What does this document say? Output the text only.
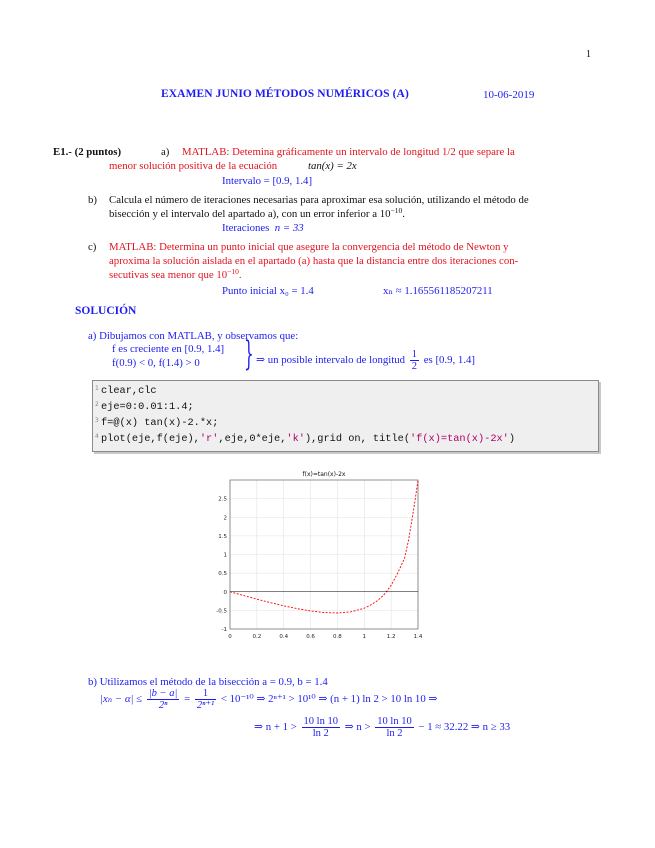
1
EXAMEN JUNIO MÉTODOS NUMÉRICOS (A)	10-06-2019
E1.- (2 puntos)	a) MATLAB: Detemina gráficamente un intervalo de longitud 1/2 que separe la
menor solución positiva de la ecuación	tan(x) = 2x
Intervalo = [0.9, 1.4]
b) Calcula el número de iteraciones necesarias para aproximar esa solución, utilizando el método de
bisección y el intervalo del apartado a), con un error inferior a $10^{-10}$.
Iteraciones n = 33
c) MATLAB: Determina un punto inicial que asegure la convergencia del método de Newton y
aproxima la solución aislada en el apartado (a) hasta que la distancia entre dos iteraciones con-
secutivas sea menor que $10^{-10}$.
Punto inicial x₀ = 1.4	xₙ ≈ 1.165561185207211
SOLUCIÓN
a) Dibujamos con MATLAB, y observamos que:
f es creciente en [0.9, 1.4]
f(0.9) < 0, f(1.4) > 0 } ⇒ un posible intervalo de longitud $\frac{1}{2}$ es [0.9, 1.4]
1 clear,clc
2 eje=0:0.01:1.4;
3 f=@(x) tan(x)-2.*x;
4 plot(eje,f(eje),'r',eje,0*eje,'k'),grid on, title('f(x)=tan(x)-2x')
0	0.2	0.4	0.6	0.8	1	1.2	1.4
-1
-0.5
0
0.5
1
1.5
2
2.5
f(x)=tan(x)-2x
b) Utilizamos el método de la bisección a = 0.9, b = 1.4
$|x_n - \alpha| \le \frac{|b - a|}{\text{2ⁿ}} = \frac{1}{\text{2ⁿ⁺¹}} < 10^{-10}$ ⇒ 2ⁿ⁺¹ > 10¹⁰ ⇒ (n + 1) ln 2 > 10 ln 10 ⇒
⇒ $n + 1 > \frac{10 \ln 10}{\ln 2}$ ⇒ $n > \frac{10 \ln 10}{\ln 2} - 1 \approx 32.22$ ⇒ n ≥ 33
